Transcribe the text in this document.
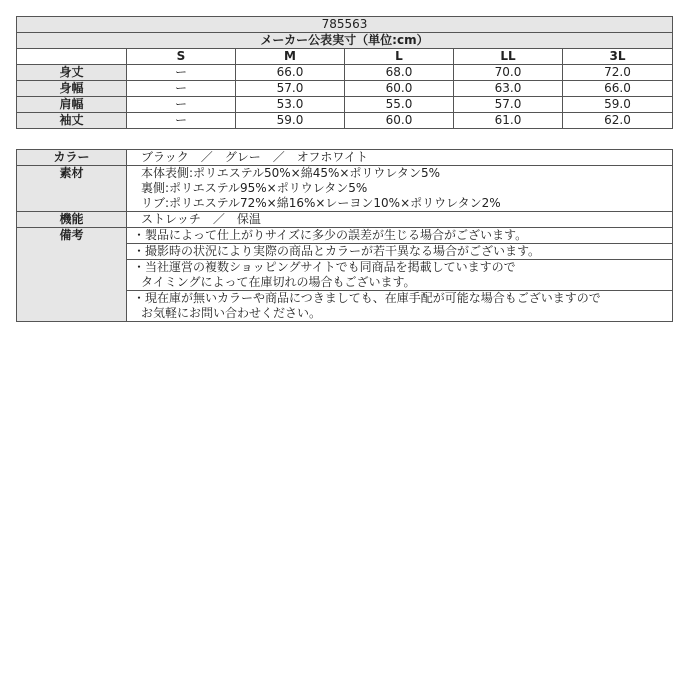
785563					
メーカー公表実寸（単位:cm）					
	S	M	L	LL	3L
身丈	ー	66.0	68.0	70.0	72.0
身幅	ー	57.0	60.0	63.0	66.0
肩幅	ー	53.0	55.0	57.0	59.0
袖丈	ー	59.0	60.0	61.0	62.0
カラー	ブラック　／　グレー　／　オフホワイト
素材	本体表側:ポリエステル50%×綿45%×ポリウレタン5%
裏側:ポリエステル95%×ポリウレタン5%
リブ:ポリエステル72%×綿16%×レーヨン10%×ポリウレタン2%

機能	ストレッチ　／　保温
備考	・製品によって仕上がりサイズに多少の誤差が生じる場合がございます。

	・撮影時の状況により実際の商品とカラーが若干異なる場合がございます。

	・当社運営の複数ショッピングサイトでも同商品を掲載していますので
タイミングによって在庫切れの場合もございます。

	・現在庫が無いカラーや商品につきましても、在庫手配が可能な場合もございますので
お気軽にお問い合わせください。
